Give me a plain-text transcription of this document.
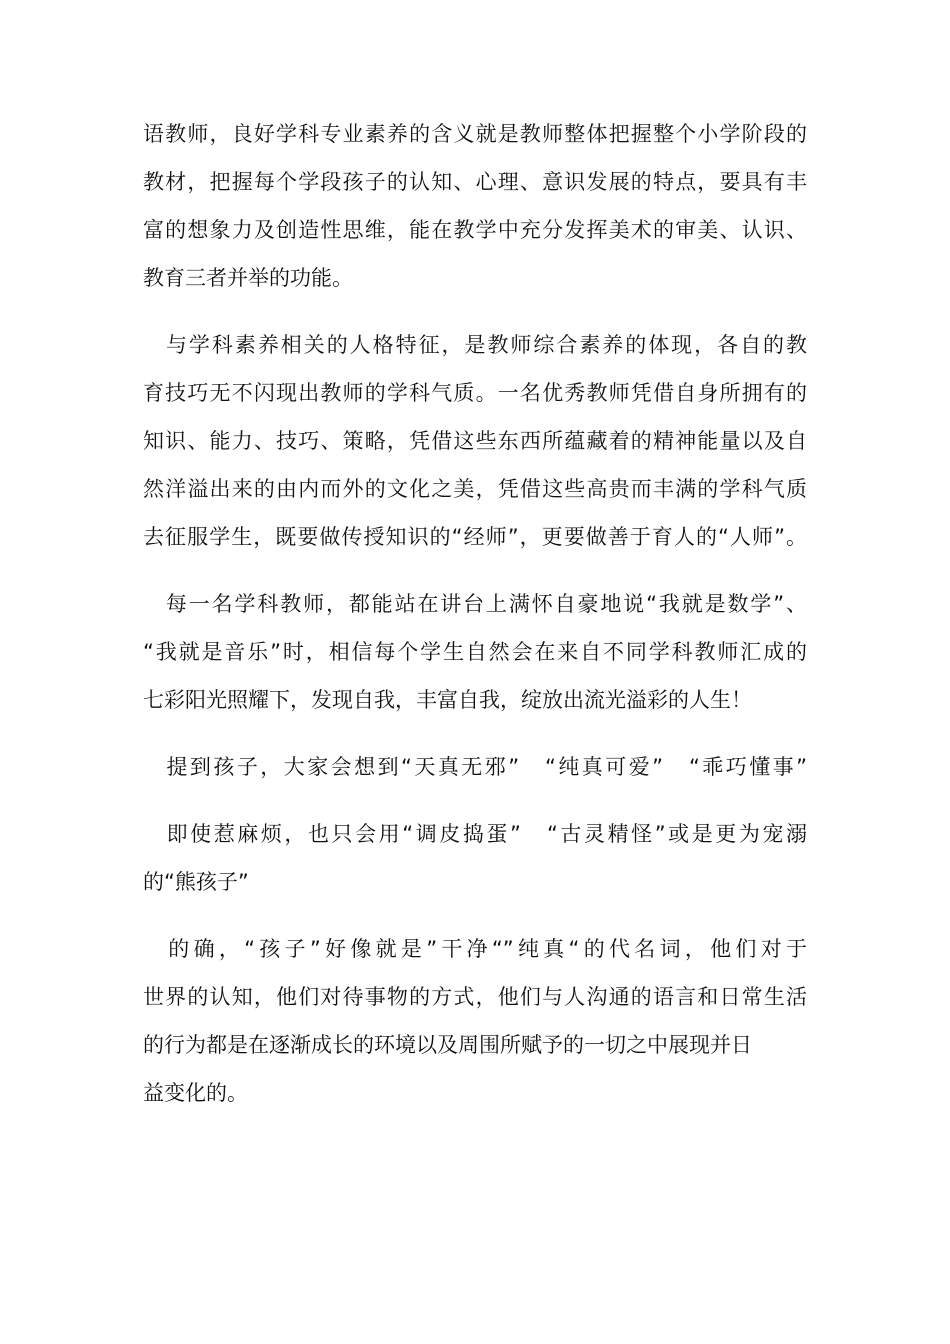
语教师，良好学科专业素养的含义就是教师整体把握整个小学阶段的
教材，把握每个学段孩子的认知、心理、意识发展的特点，要具有丰
富的想象力及创造性思维，能在教学中充分发挥美术的审美、认识、
教育三者并举的功能。
　与学科素养相关的人格特征，是教师综合素养的体现，各自的教
育技巧无不闪现出教师的学科气质。一名优秀教师凭借自身所拥有的
知识、能力、技巧、策略，凭借这些东西所蕴藏着的精神能量以及自
然洋溢出来的由内而外的文化之美，凭借这些高贵而丰满的学科气质
去征服学生，既要做传授知识的“经师”，更要做善于育人的“人师”。
　每一名学科教师，都能站在讲台上满怀自豪地说“我就是数学”、
“我就是音乐”时，相信每个学生自然会在来自不同学科教师汇成的
七彩阳光照耀下，发现自我，丰富自我，绽放出流光溢彩的人生！
　提到孩子，大家会想到“天真无邪”　“纯真可爱”　“乖巧懂事”
　即使惹麻烦，也只会用“调皮捣蛋”　“古灵精怪”或是更为宠溺
的“熊孩子”
　的确，“孩子”好像就是”干净“”纯真“的代名词，他们对于
世界的认知，他们对待事物的方式，他们与人沟通的语言和日常生活
的行为都是在逐渐成长的环境以及周围所赋予的一切之中展现并日
益变化的。
